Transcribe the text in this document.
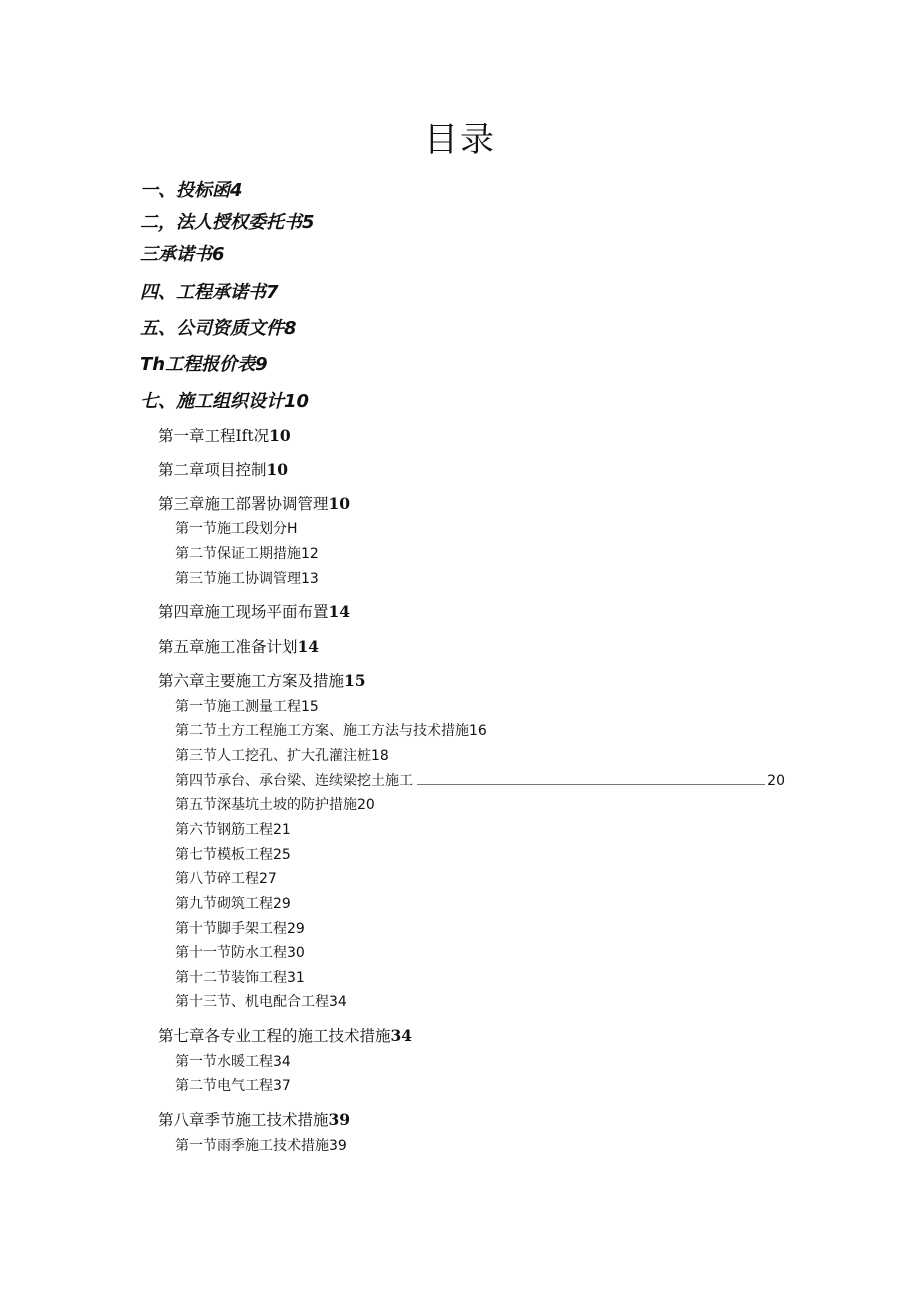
目录
一、投标函4
二，法人授权委托书5
三承诺书6
四、工程承诺书7
五、公司资质文件8
Th工程报价表9
七、施工组织设计10
第一章工程Ift况10
第二章项目控制10
第三章施工部署协调管理10
第一节施工段划分H
第二节保证工期措施12
第三节施工协调管理13
第四章施工现场平面布置14
第五章施工准备计划14
第六章主要施工方案及措施15
第一节施工测量工程15
第二节土方工程施工方案、施工方法与技术措施16
第三节人工挖孔、扩大孔灌注桩18
第四节承台、承台梁、连续梁挖土施工	20
第五节深基坑土坡的防护措施20
第六节钢筋工程21
第七节模板工程25
第八节碎工程27
第九节砌筑工程29
第十节脚手架工程29
第十一节防水工程30
第十二节装饰工程31
第十三节、机电配合工程34
第七章各专业工程的施工技术措施34
第一节水暖工程34
第二节电气工程37
第八章季节施工技术措施39
第一节雨季施工技术措施39
